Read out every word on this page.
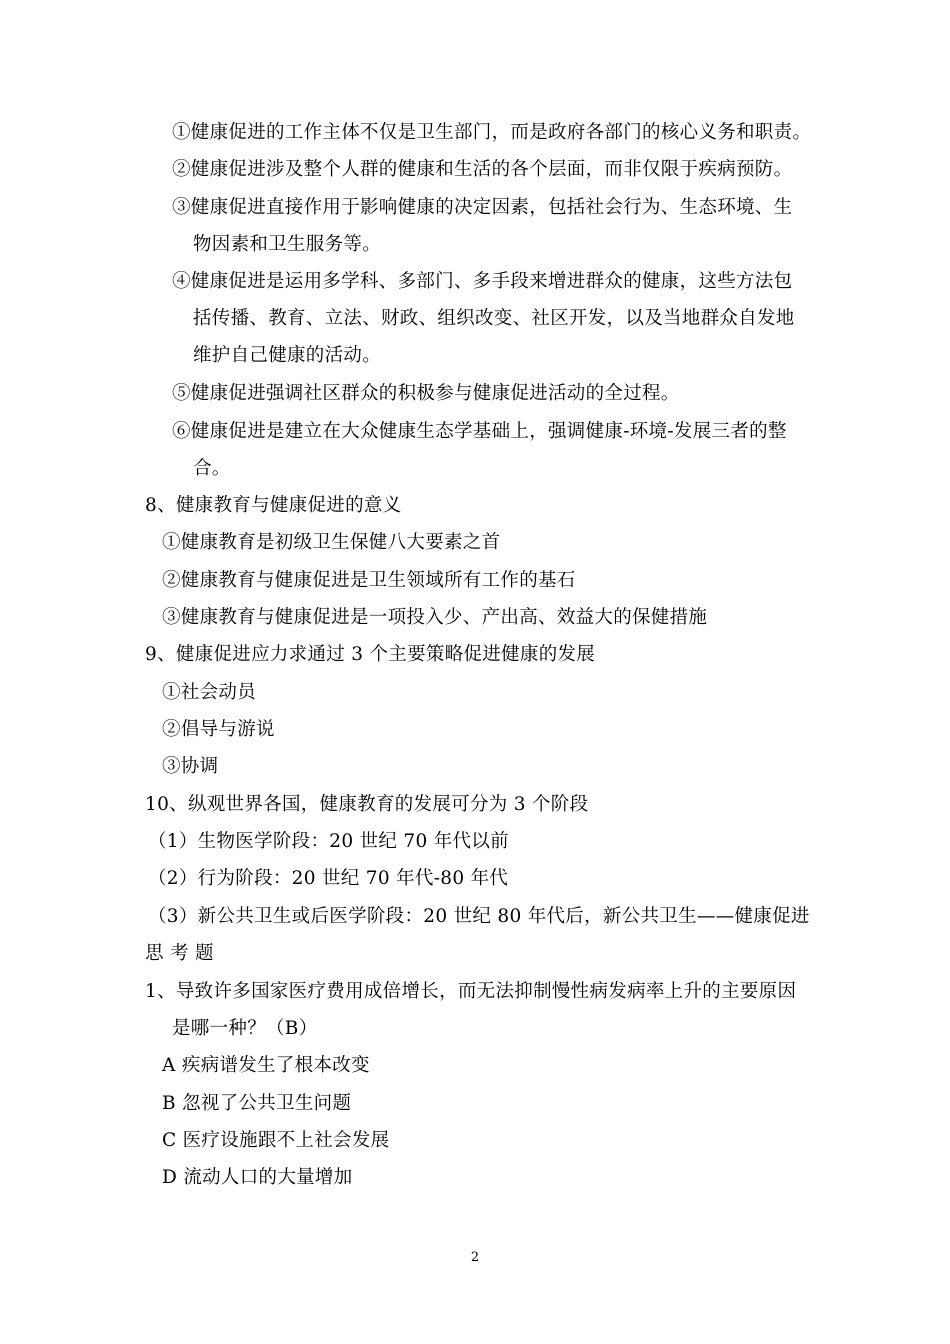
①健康促进的工作主体不仅是卫生部门，而是政府各部门的核心义务和职责。
②健康促进涉及整个人群的健康和生活的各个层面，而非仅限于疾病预防。
③健康促进直接作用于影响健康的决定因素，包括社会行为、生态环境、生
物因素和卫生服务等。
④健康促进是运用多学科、多部门、多手段来增进群众的健康，这些方法包
括传播、教育、立法、财政、组织改变、社区开发，以及当地群众自发地
维护自己健康的活动。
⑤健康促进强调社区群众的积极参与健康促进活动的全过程。
⑥健康促进是建立在大众健康生态学基础上，强调健康-环境-发展三者的整
合。
8、健康教育与健康促进的意义
①健康教育是初级卫生保健八大要素之首
②健康教育与健康促进是卫生领域所有工作的基石
③健康教育与健康促进是一项投入少、产出高、效益大的保健措施
9、健康促进应力求通过 3 个主要策略促进健康的发展
①社会动员
②倡导与游说
③协调
10、纵观世界各国，健康教育的发展可分为 3 个阶段
（1）生物医学阶段：20 世纪 70 年代以前
（2）行为阶段：20 世纪 70 年代-80 年代
（3）新公共卫生或后医学阶段：20 世纪 80 年代后，新公共卫生——健康促进
思 考 题
1、导致许多国家医疗费用成倍增长，而无法抑制慢性病发病率上升的主要原因
是哪一种？（B）
A 疾病谱发生了根本改变
B 忽视了公共卫生问题
C 医疗设施跟不上社会发展
D 流动人口的大量增加
2
